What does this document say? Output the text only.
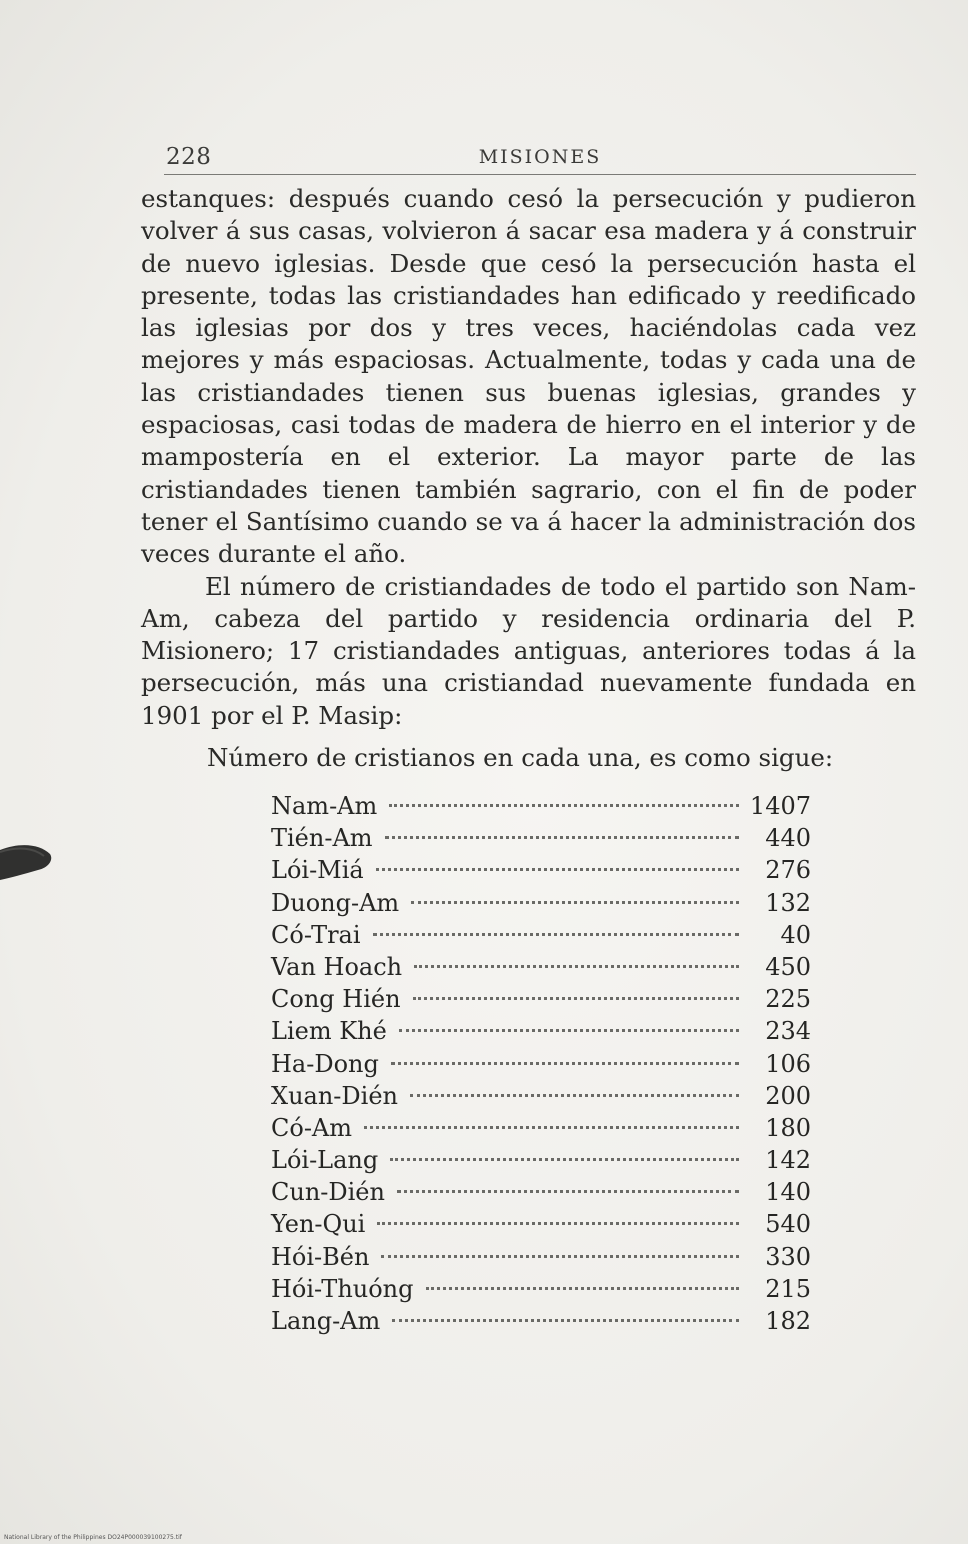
228	MISIONES

estanques: después cuando cesó la persecución y pudieron volver á sus casas, volvieron á sacar esa madera y á construir de nuevo iglesias. Desde que cesó la persecución hasta el presente, todas las cristiandades han edificado y reedificado las iglesias por dos y tres veces, haciéndolas cada vez mejores y más espaciosas. Actualmente, todas y cada una de las cristiandades tienen sus buenas iglesias, grandes y espaciosas, casi todas de madera de hierro en el interior y de mampostería en el exterior. La mayor parte de las cristiandades tienen también sagrario, con el fin de poder tener el Santísimo cuando se va á hacer la administración dos veces durante el año.

El número de cristiandades de todo el partido son Nam-Am, cabeza del partido y residencia ordinaria del P. Misionero; 17 cristiandades antiguas, anteriores todas á la persecución, más una cristiandad nuevamente fundada en 1901 por el P. Masip:

Número de cristianos en cada una, es como sigue:
Nam-Am	1407
Tién-Am	440
Lói-Miá	276
Duong-Am	132
Có-Trai	40
Van Hoach	450
Cong Hién	225
Liem Khé	234
Ha-Dong	106
Xuan-Dién	200
Có-Am	180
Lói-Lang	142
Cun-Dién	140
Yen-Qui	540
Hói-Bén	330
Hói-Thuóng	215
Lang-Am	182
National Library of the Philippines DO24P000039100275.tif
